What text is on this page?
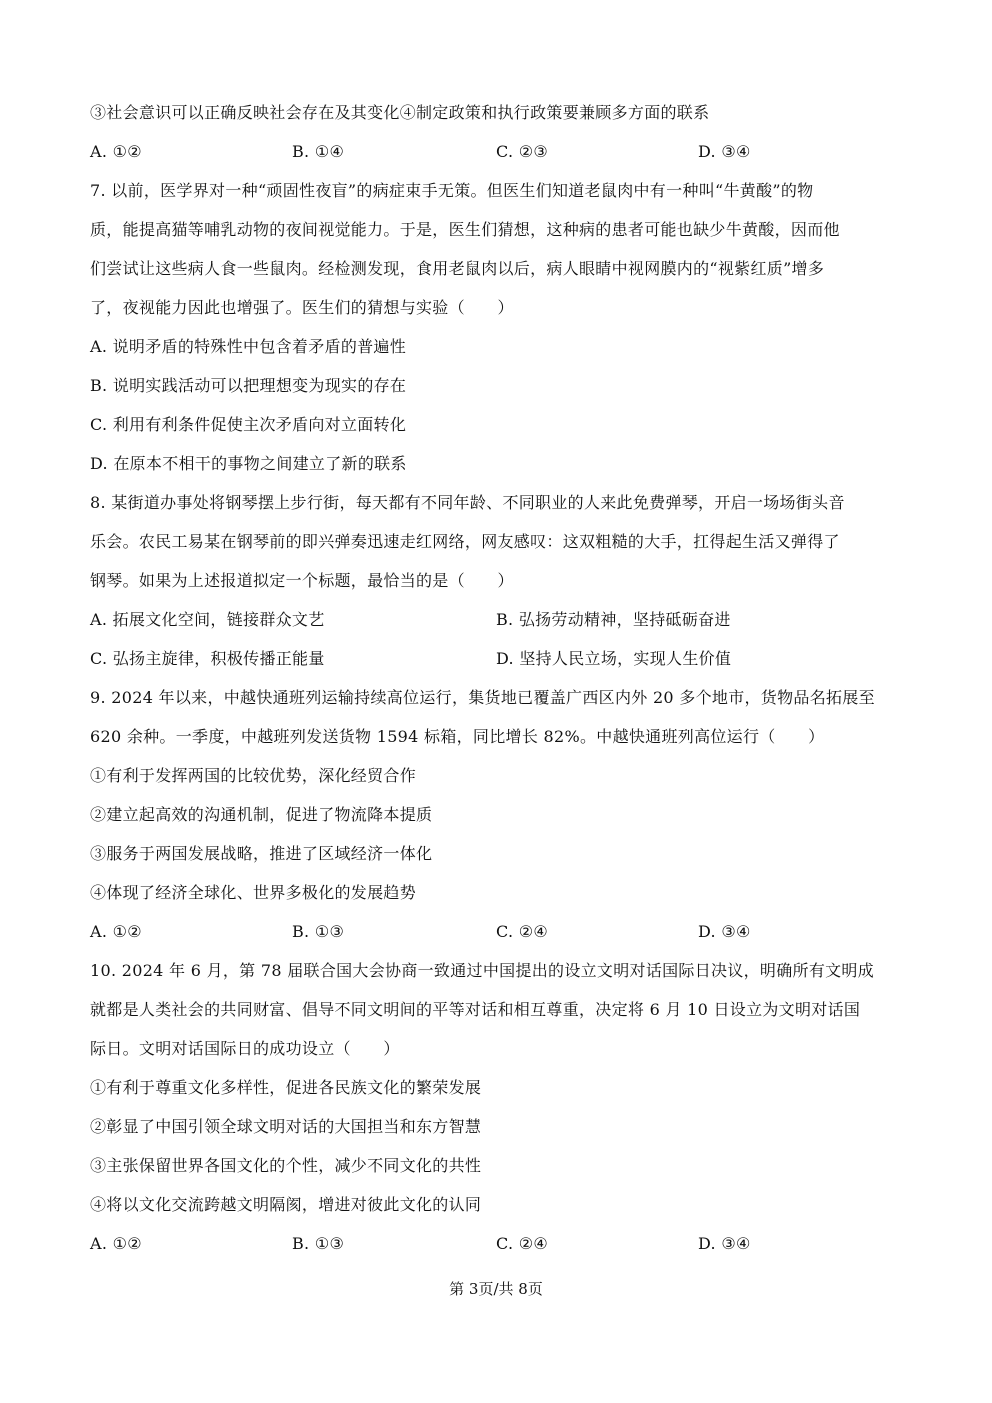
③社会意识可以正确反映社会存在及其变化④制定政策和执行政策要兼顾多方面的联系
A. ①②	B. ①④	C. ②③	D. ③④
7. 以前，医学界对一种“顽固性夜盲”的病症束手无策。但医生们知道老鼠肉中有一种叫“牛黄酸”的物
质，能提高猫等哺乳动物的夜间视觉能力。于是，医生们猜想，这种病的患者可能也缺少牛黄酸，因而他
们尝试让这些病人食一些鼠肉。经检测发现，食用老鼠肉以后，病人眼睛中视网膜内的“视紫红质”增多
了，夜视能力因此也增强了。医生们的猜想与实验（　　）
A. 说明矛盾的特殊性中包含着矛盾的普遍性
B. 说明实践活动可以把理想变为现实的存在
C. 利用有利条件促使主次矛盾向对立面转化
D. 在原本不相干的事物之间建立了新的联系
8. 某街道办事处将钢琴摆上步行街，每天都有不同年龄、不同职业的人来此免费弹琴，开启一场场街头音
乐会。农民工易某在钢琴前的即兴弹奏迅速走红网络，网友感叹：这双粗糙的大手，扛得起生活又弹得了
钢琴。如果为上述报道拟定一个标题，最恰当的是（　　）
A. 拓展文化空间，链接群众文艺	B. 弘扬劳动精神，坚持砥砺奋进
C. 弘扬主旋律，积极传播正能量	D. 坚持人民立场，实现人生价值
9. 2024 年以来，中越快通班列运输持续高位运行，集货地已覆盖广西区内外 20 多个地市，货物品名拓展至
620 余种。一季度，中越班列发送货物 1594 标箱，同比增长 82%。中越快通班列高位运行（　　）
①有利于发挥两国的比较优势，深化经贸合作
②建立起高效的沟通机制，促进了物流降本提质
③服务于两国发展战略，推进了区域经济一体化
④体现了经济全球化、世界多极化的发展趋势
A. ①②	B. ①③	C. ②④	D. ③④
10. 2024 年 6 月，第 78 届联合国大会协商一致通过中国提出的设立文明对话国际日决议，明确所有文明成
就都是人类社会的共同财富、倡导不同文明间的平等对话和相互尊重，决定将 6 月 10 日设立为文明对话国
际日。文明对话国际日的成功设立（　　）
①有利于尊重文化多样性，促进各民族文化的繁荣发展
②彰显了中国引领全球文明对话的大国担当和东方智慧
③主张保留世界各国文化的个性，减少不同文化的共性
④将以文化交流跨越文明隔阂，增进对彼此文化的认同
A. ①②	B. ①③	C. ②④	D. ③④
第 3页/共 8页
